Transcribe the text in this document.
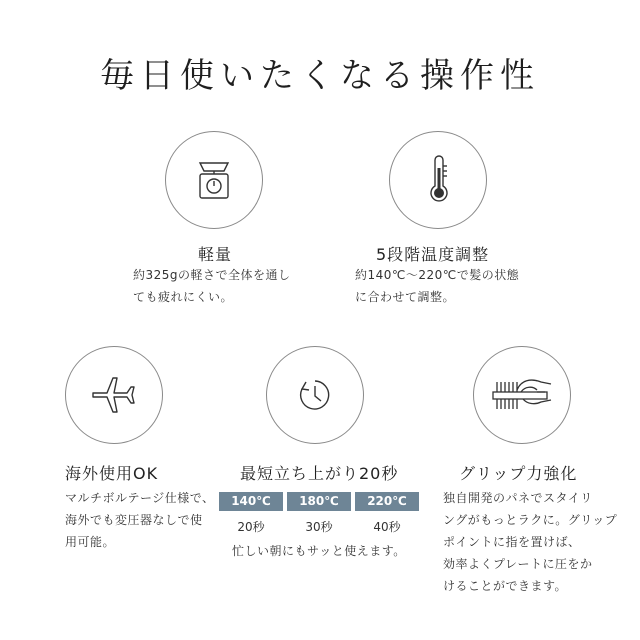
毎日使いたくなる操作性
軽量
約325gの軽さで全体を通し
ても疲れにくい。
5段階温度調整
約140℃〜220℃で髪の状態
に合わせて調整。
海外使用OK
マルチボルテージ仕様で、
海外でも変圧器なしで使
用可能。
最短立ち上がり20秒
140℃	180℃	220℃
20秒	30秒	40秒
忙しい朝にもサッと使えます。
グリップ力強化
独自開発のパネでスタイリ
ングがもっとラクに。グリップ
ポイントに指を置けば、
効率よくプレートに圧をか
けることができます。
